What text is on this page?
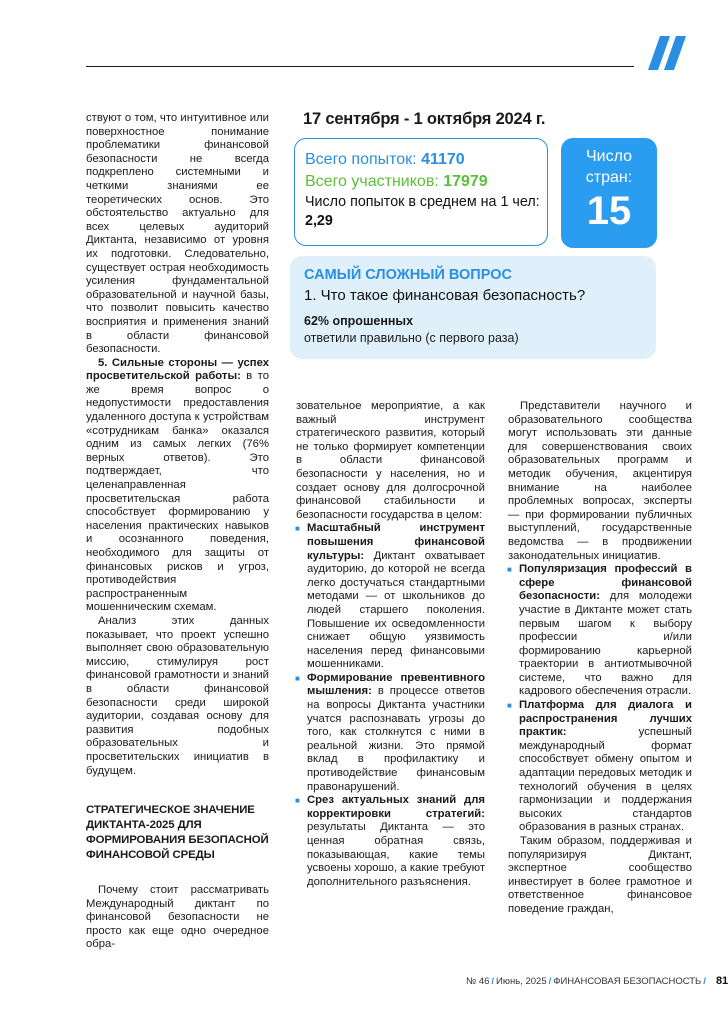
ствуют о том, что интуитивное или поверхностное понимание проблематики финансовой безопасности не всегда подкреплено системными и четкими знаниями ее теоретических основ. Это обстоятельство актуально для всех целевых аудиторий Диктанта, независимо от уровня их подготовки. Следовательно, существует острая необходимость усиления фундаментальной образовательной и научной базы, что позволит повысить качество восприятия и применения знаний в области финансовой безопасности.

5. Сильные стороны — успех просветительской работы: в то же время вопрос о недопустимости предоставления удаленного доступа к устройствам «сотрудникам банка» оказался одним из самых легких (76% верных ответов). Это подтверждает, что целенаправленная просветительская работа способствует формированию у населения практических навыков и осознанного поведения, необходимого для защиты от финансовых рисков и угроз, противодействия распространенным мошенническим схемам.

Анализ этих данных показывает, что проект успешно выполняет свою образовательную миссию, стимулируя рост финансовой грамотности и знаний в области финансовой безопасности среди широкой аудитории, создавая основу для развития подобных образовательных и просветительских инициатив в будущем.

СТРАТЕГИЧЕСКОЕ ЗНАЧЕНИЕ ДИКТАНТА-2025 ДЛЯ ФОРМИРОВАНИЯ БЕЗОПАСНОЙ ФИНАНСОВОЙ СРЕДЫ

Почему стоит рассматривать Международный диктант по финансовой безопасности не просто как еще одно очередное обра-

17 сентября - 1 октября 2024 г.
Всего попыток: 41170
Всего участников: 17979
Число попыток в среднем на 1 чел: 2,29
Число стран:
15
САМЫЙ СЛОЖНЫЙ ВОПРОС
1. Что такое финансовая безопасность?
62% опрошенных
ответили правильно (с первого раза)

зовательное мероприятие, а как важный инструмент стратегического развития, который не только формирует компетенции в области финансовой безопасности у населения, но и создает основу для долгосрочной финансовой стабильности и безопасности государства в целом:

■ Масштабный инструмент повышения финансовой культуры: Диктант охватывает аудиторию, до которой не всегда легко достучаться стандартными методами — от школьников до людей старшего поколения. Повышение их осведомленности снижает общую уязвимость населения перед финансовыми мошенниками.
■ Формирование превентивного мышления: в процессе ответов на вопросы Диктанта участники учатся распознавать угрозы до того, как столкнутся с ними в реальной жизни. Это прямой вклад в профилактику и противодействие финансовым правонарушений.
■ Срез актуальных знаний для корректировки стратегий: результаты Диктанта — это ценная обратная связь, показывающая, какие темы усвоены хорошо, а какие требуют дополнительного разъяснения.

Представители научного и образовательного сообщества могут использовать эти данные для совершенствования своих образовательных программ и методик обучения, акцентируя внимание на наиболее проблемных вопросах, эксперты — при формировании публичных выступлений, государственные ведомства — в продвижении законодательных инициатив.

■ Популяризация профессий в сфере финансовой безопасности: для молодежи участие в Диктанте может стать первым шагом к выбору профессии и/или формированию карьерной траектории в антиотмывочной системе, что важно для кадрового обеспечения отрасли.
■ Платформа для диалога и распространения лучших практик: успешный международный формат способствует обмену опытом и адаптации передовых методик и технологий обучения в целях гармонизации и поддержания высоких стандартов образования в разных странах.

Таким образом, поддерживая и популяризируя Диктант, экспертное сообщество инвестирует в более грамотное и ответственное финансовое поведение граждан,

№ 46 / Июнь, 2025 / ФИНАНСОВАЯ БЕЗОПАСНОСТЬ / 81
